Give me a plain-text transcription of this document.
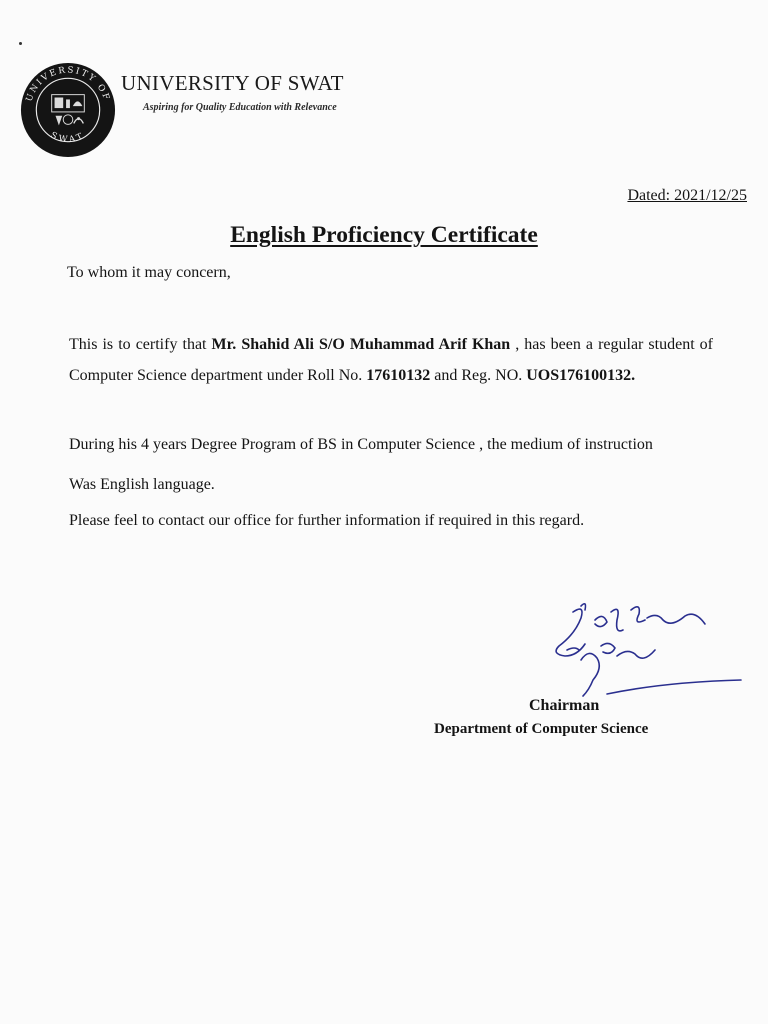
UNIVERSITY OF
SWAT
UNIVERSITY OF SWAT
Aspiring for Quality Education with Relevance
Dated: 2021/12/25
English Proficiency Certificate
To whom it may concern,
This is to certify that Mr. Shahid Ali S/O Muhammad Arif Khan , has been a regular student of Computer Science department under Roll No. 17610132 and Reg. NO. UOS176100132.
During his 4 years Degree Program of BS in Computer Science , the medium of instruction
Was English language.
Please feel to contact our office for further information if required in this regard.
Chairman
Department of Computer Science
